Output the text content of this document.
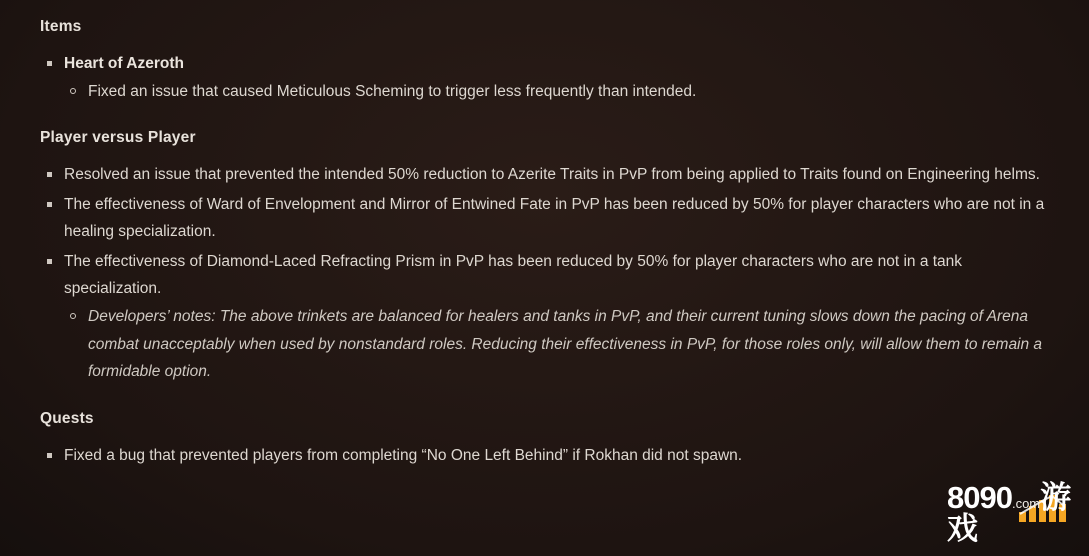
Items
Heart of Azeroth
Fixed an issue that caused Meticulous Scheming to trigger less frequently than intended.
Player versus Player
Resolved an issue that prevented the intended 50% reduction to Azerite Traits in PvP from being applied to Traits found on Engineering helms.
The effectiveness of Ward of Envelopment and Mirror of Entwined Fate in PvP has been reduced by 50% for player characters who are not in a healing specialization.
The effectiveness of Diamond-Laced Refracting Prism in PvP has been reduced by 50% for player characters who are not in a tank specialization.
Developers’ notes: The above trinkets are balanced for healers and tanks in PvP, and their current tuning slows down the pacing of Arena combat unacceptably when used by nonstandard roles. Reducing their effectiveness in PvP, for those roles only, will allow them to remain a formidable option.
Quests
Fixed a bug that prevented players from completing “No One Left Behind” if Rokhan did not spawn.
8090.com游戏
